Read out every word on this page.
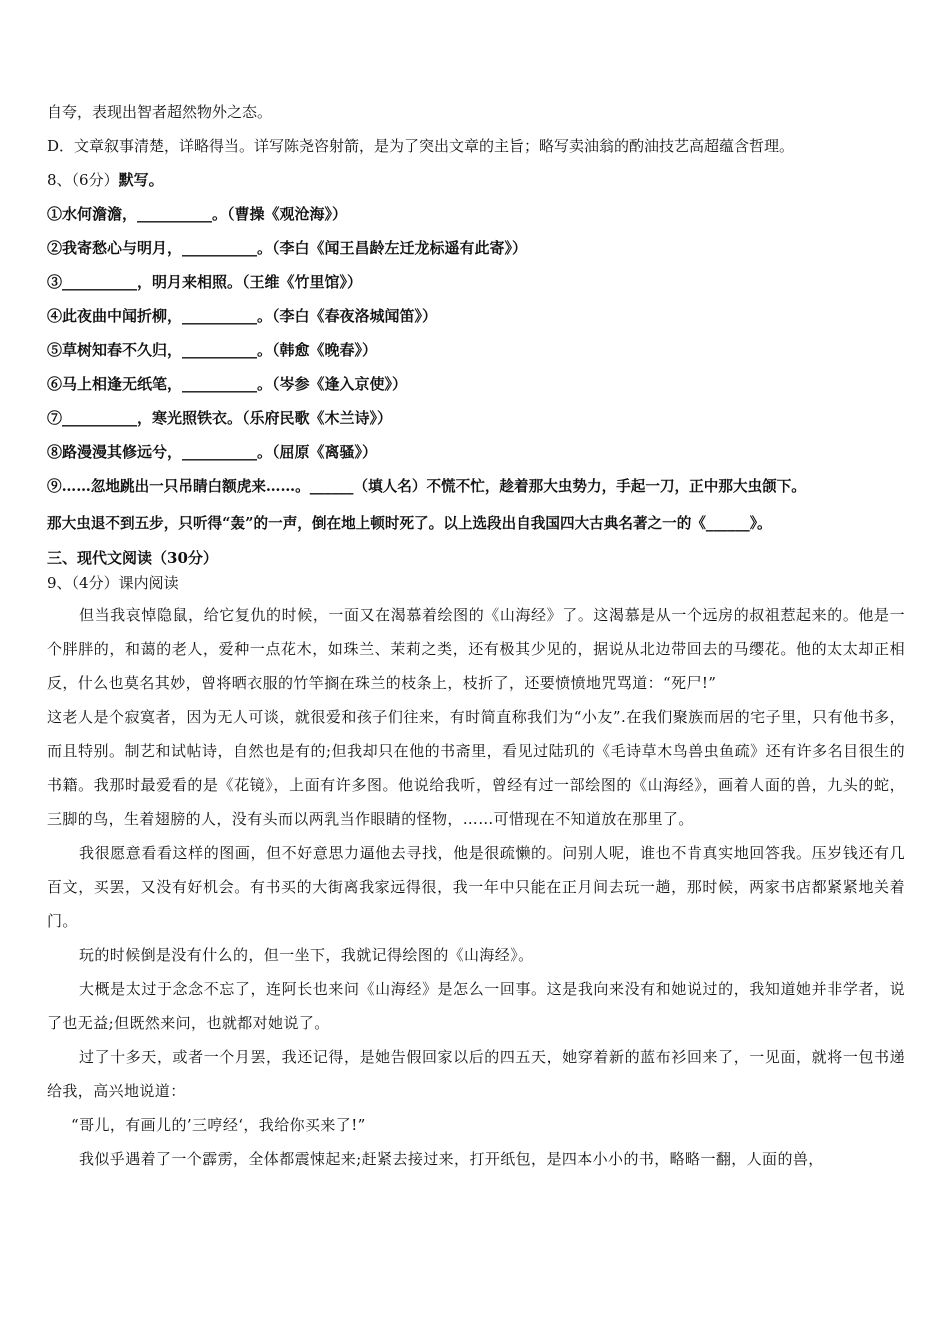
自夸，表现出智者超然物外之态。
D．文章叙事清楚，详略得当。详写陈尧咨射箭，是为了突出文章的主旨；略写卖油翁的酌油技艺高超蕴含哲理。
8、（6分）默写。
①水何澹澹，__________。（曹操《观沧海》）
②我寄愁心与明月，__________。（李白《闻王昌龄左迁龙标遥有此寄》）
③__________，明月来相照。（王维《竹里馆》）
④此夜曲中闻折柳，__________。（李白《春夜洛城闻笛》）
⑤草树知春不久归，__________。（韩愈《晚春》）
⑥马上相逢无纸笔，__________。（岑参《逢入京使》）
⑦__________，寒光照铁衣。（乐府民歌《木兰诗》）
⑧路漫漫其修远兮，__________。（屈原《离骚》）
⑨……忽地跳出一只吊睛白额虎来……。______（填人名）不慌不忙，趁着那大虫势力，手起一刀，正中那大虫颌下。
那大虫退不到五步，只听得“轰”的一声，倒在地上顿时死了。以上选段出自我国四大古典名著之一的《______》。
三、现代文阅读（30分）
9、（4分）课内阅读
但当我哀悼隐鼠，给它复仇的时候，一面又在渴慕着绘图的《山海经》了。这渴慕是从一个远房的叔祖惹起来的。他是一个胖胖的，和蔼的老人，爱种一点花木，如珠兰、茉莉之类，还有极其少见的，据说从北边带回去的马缨花。他的太太却正相反，什么也莫名其妙，曾将晒衣服的竹竿搁在珠兰的枝条上，枝折了，还要愤愤地咒骂道：“死尸!”
这老人是个寂寞者，因为无人可谈，就很爱和孩子们往来，有时简直称我们为“小友”.在我们聚族而居的宅子里，只有他书多，而且特别。制艺和试帖诗，自然也是有的;但我却只在他的书斋里，看见过陆玑的《毛诗草木鸟兽虫鱼疏》还有许多名目很生的书籍。我那时最爱看的是《花镜》，上面有许多图。他说给我听，曾经有过一部绘图的《山海经》，画着人面的兽，九头的蛇，三脚的鸟，生着翅膀的人，没有头而以两乳当作眼睛的怪物，……可惜现在不知道放在那里了。
我很愿意看看这样的图画，但不好意思力逼他去寻找，他是很疏懒的。问别人呢，谁也不肯真实地回答我。压岁钱还有几百文，买罢，又没有好机会。有书买的大街离我家远得很，我一年中只能在正月间去玩一趟，那时候，两家书店都紧紧地关着门。
玩的时候倒是没有什么的，但一坐下，我就记得绘图的《山海经》。
大概是太过于念念不忘了，连阿长也来问《山海经》是怎么一回事。这是我向来没有和她说过的，我知道她并非学者，说了也无益;但既然来问，也就都对她说了。
过了十多天，或者一个月罢，我还记得，是她告假回家以后的四五天，她穿着新的蓝布衫回来了，一见面，就将一包书递给我，高兴地说道：
“哥儿，有画儿的’三哼经‘，我给你买来了!”
我似乎遇着了一个霹雳，全体都震悚起来;赶紧去接过来，打开纸包，是四本小小的书，略略一翻，人面的兽，
